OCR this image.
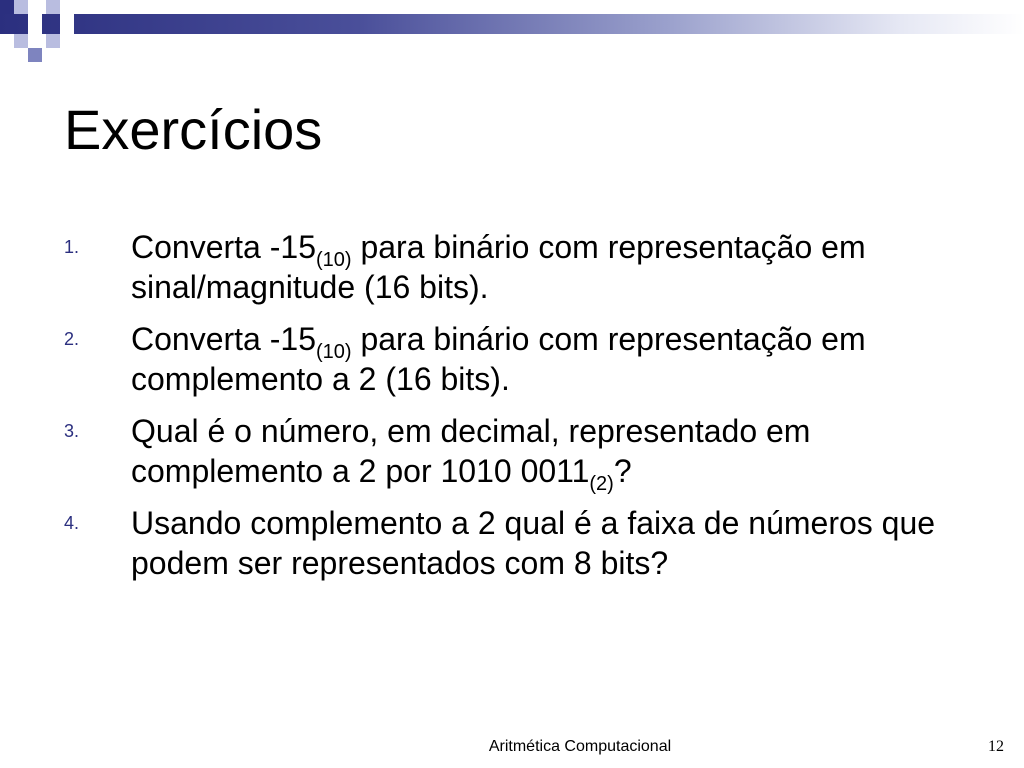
Exercícios
1. Converta $-15_{(10)}$ para binário com representação em sinal/magnitude (16 bits).
2. Converta $-15_{(10)}$ para binário com representação em complemento a 2 (16 bits).
3. Qual é o número, em decimal, representado em complemento a 2 por 1010 $0011_{(2)}$?
4. Usando complemento a 2 qual é a faixa de números que podem ser representados com 8 bits?
Aritmética Computacional	12
